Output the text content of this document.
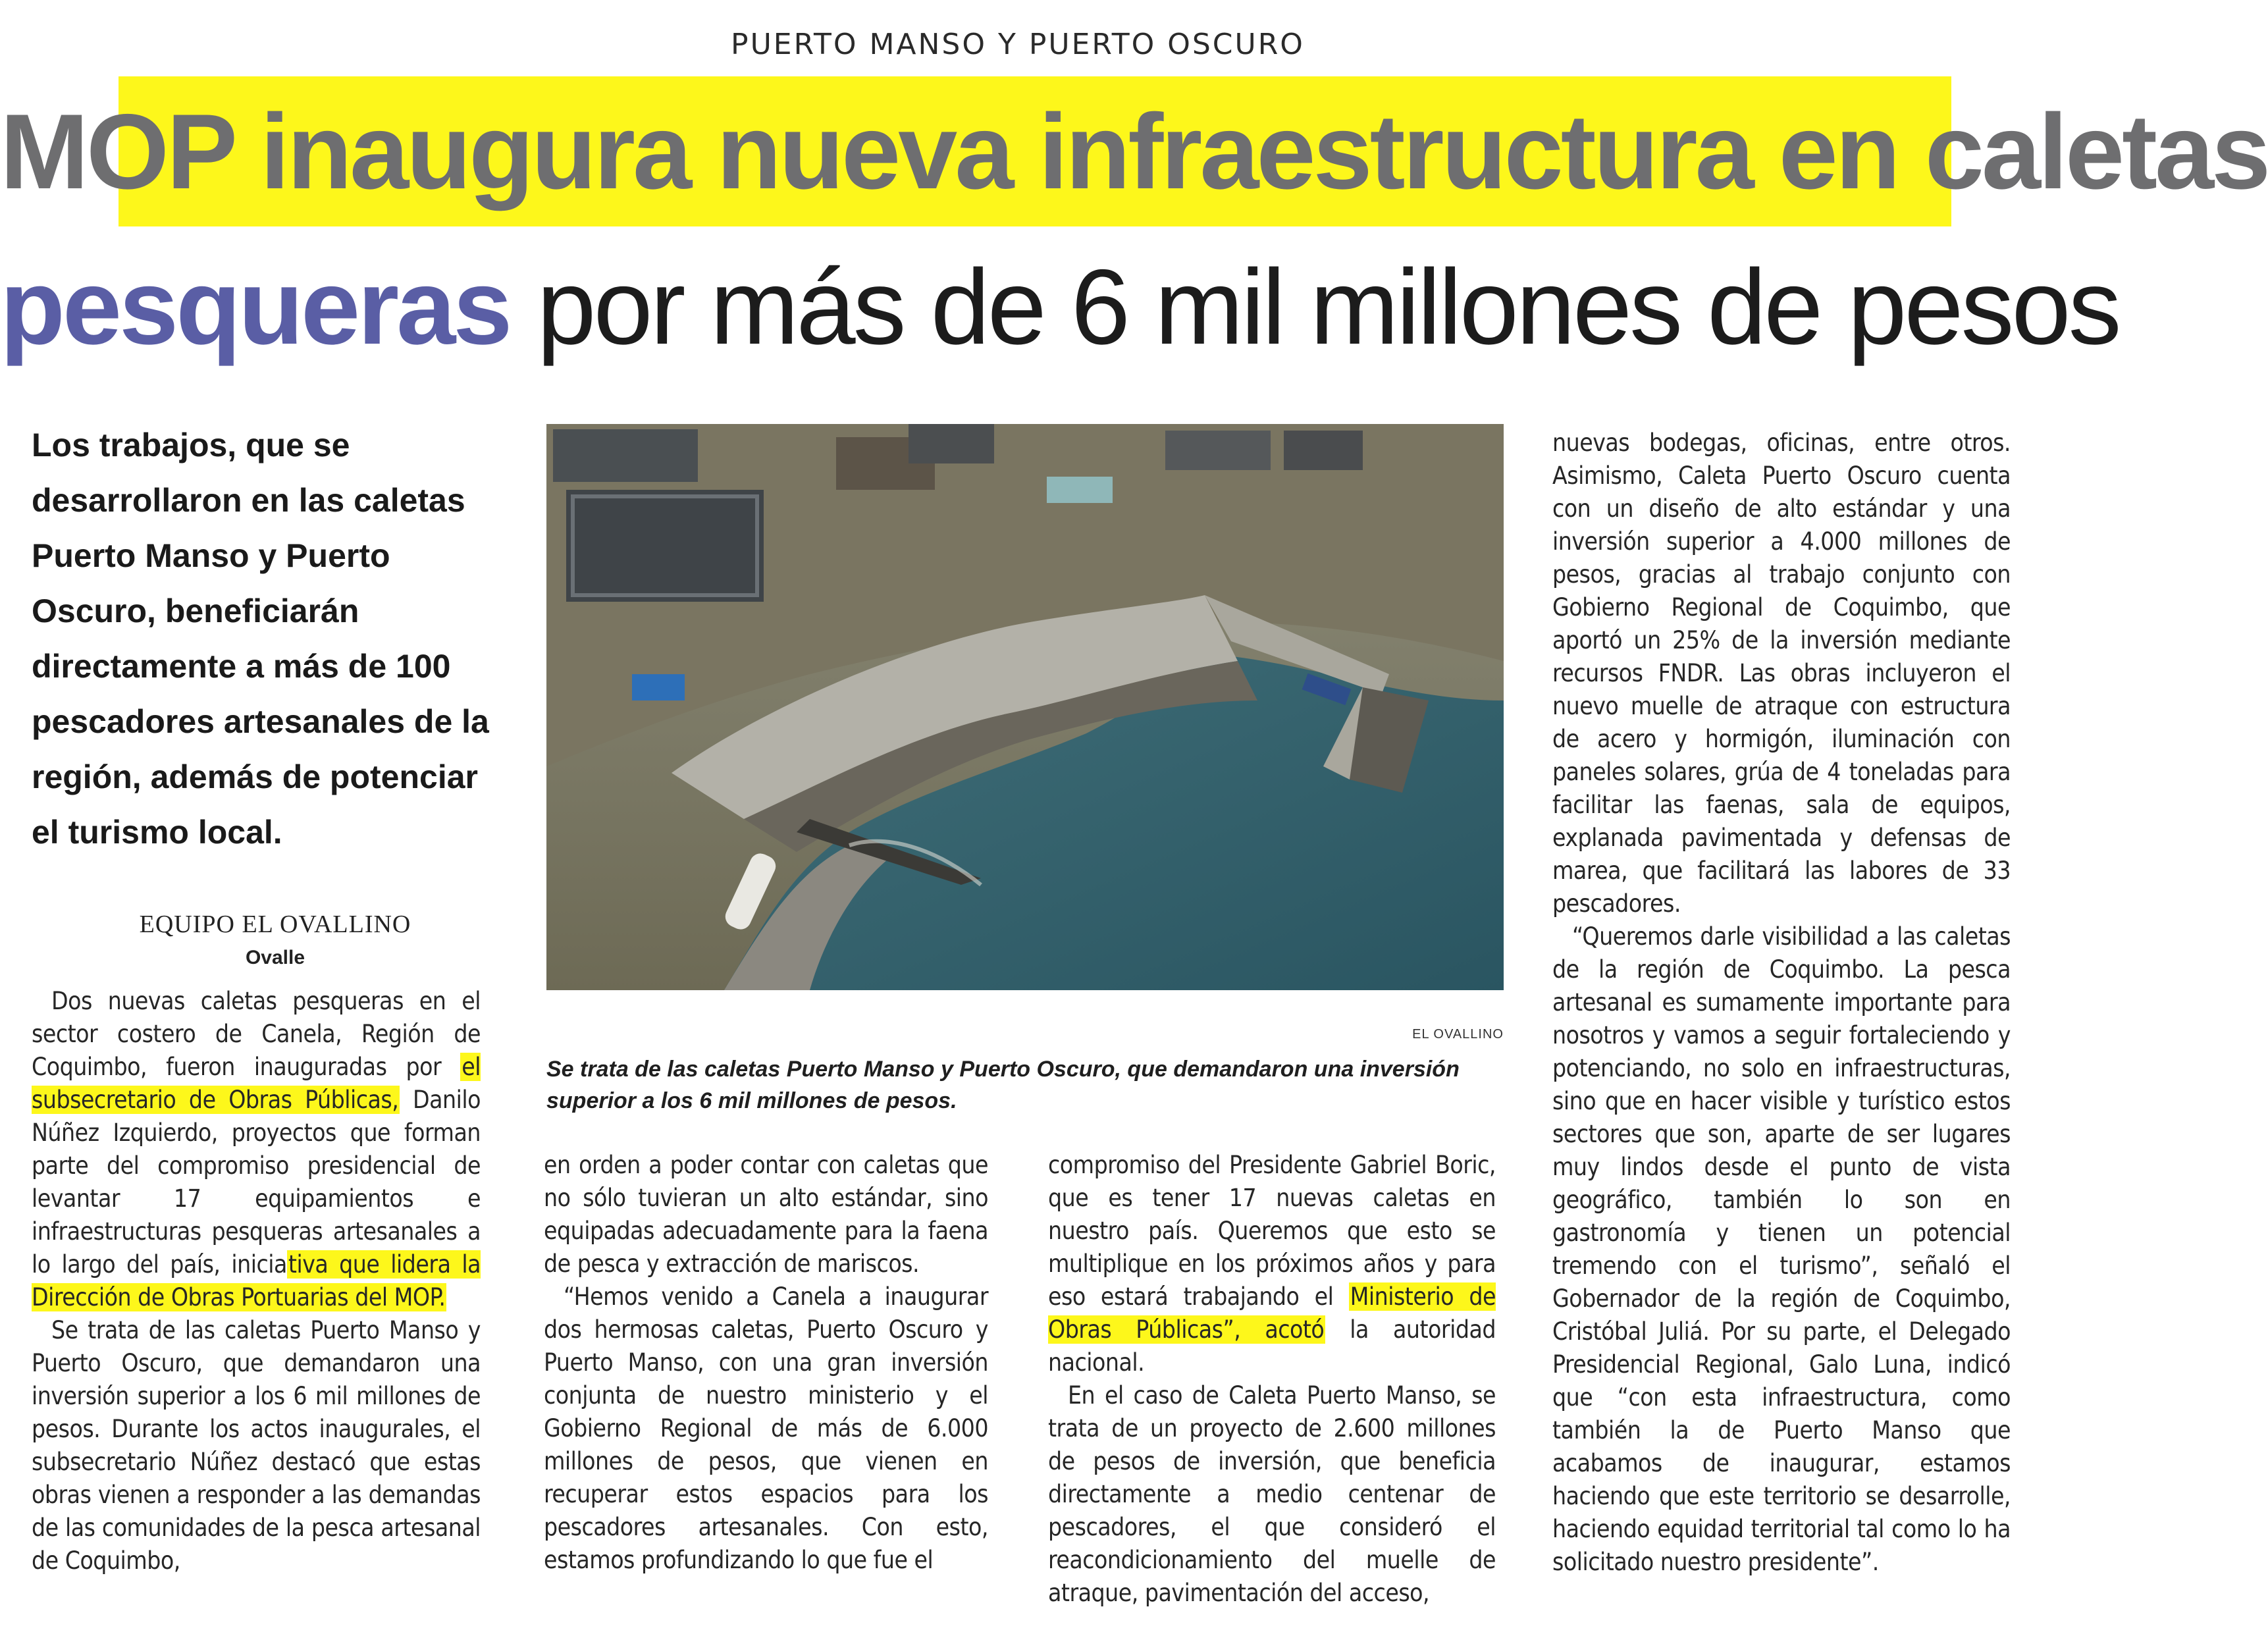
PUERTO MANSO Y PUERTO OSCURO
MOP inaugura nueva infraestructura en caletas
pesqueras por más de 6 mil millones de pesos
Los trabajos, que se desarrollaron en las caletas Puerto Manso y Puerto Oscuro, beneficiarán directamente a más de 100 pescadores artesanales de la región, además de potenciar el turismo local.
EQUIPO EL OVALLINO
Ovalle

Dos nuevas caletas pesqueras en el sector costero de Canela, Región de Coquimbo, fueron inauguradas por el subsecretario de Obras Públicas, Danilo Núñez Izquierdo, proyectos que forman parte del compromiso presidencial de levantar 17 equipamientos e infraestructuras pesqueras artesanales a lo largo del país, iniciativa que lidera la Dirección de Obras Portuarias del MOP.

Se trata de las caletas Puerto Manso y Puerto Oscuro, que demandaron una inversión superior a los 6 mil millones de pesos. Durante los actos inaugurales, el subsecretario Núñez destacó que estas obras vienen a responder a las demandas de las comunidades de la pesca artesanal de Coquimbo,

EL OVALLINO
Se trata de las caletas Puerto Manso y Puerto Oscuro, que demandaron una inversión superior a los 6 mil millones de pesos.

en orden a poder contar con caletas que no sólo tuvieran un alto estándar, sino equipadas adecuadamente para la faena de pesca y extracción de mariscos.

“Hemos venido a Canela a inaugurar dos hermosas caletas, Puerto Oscuro y Puerto Manso, con una gran inversión conjunta de nuestro ministerio y el Gobierno Regional de más de 6.000 millones de pesos, que vienen en recuperar estos espacios para los pescadores artesanales. Con esto, estamos profundizando lo que fue el

compromiso del Presidente Gabriel Boric, que es tener 17 nuevas caletas en nuestro país. Queremos que esto se multiplique en los próximos años y para eso estará trabajando el Ministerio de Obras Públicas”, acotó la autoridad nacional.

En el caso de Caleta Puerto Manso, se trata de un proyecto de 2.600 millones de pesos de inversión, que beneficia directamente a medio centenar de pescadores, el que consideró el reacondicionamiento del muelle de atraque, pavimentación del acceso,

nuevas bodegas, oficinas, entre otros. Asimismo, Caleta Puerto Oscuro cuenta con un diseño de alto estándar y una inversión superior a 4.000 millones de pesos, gracias al trabajo conjunto con Gobierno Regional de Coquimbo, que aportó un 25% de la inversión mediante recursos FNDR. Las obras incluyeron el nuevo muelle de atraque con estructura de acero y hormigón, iluminación con paneles solares, grúa de 4 toneladas para facilitar las faenas, sala de equipos, explanada pavimentada y defensas de marea, que facilitará las labores de 33 pescadores.

“Queremos darle visibilidad a las caletas de la región de Coquimbo. La pesca artesanal es sumamente importante para nosotros y vamos a seguir fortaleciendo y potenciando, no solo en infraestructuras, sino que en hacer visible y turístico estos sectores que son, aparte de ser lugares muy lindos desde el punto de vista geográfico, también lo son en gastronomía y tienen un potencial tremendo con el turismo”, señaló el Gobernador de la región de Coquimbo, Cristóbal Juliá. Por su parte, el Delegado Presidencial Regional, Galo Luna, indicó que “con esta infraestructura, como también la de Puerto Manso que acabamos de inaugurar, estamos haciendo que este territorio se desarrolle, haciendo equidad territorial tal como lo ha solicitado nuestro presidente”.
